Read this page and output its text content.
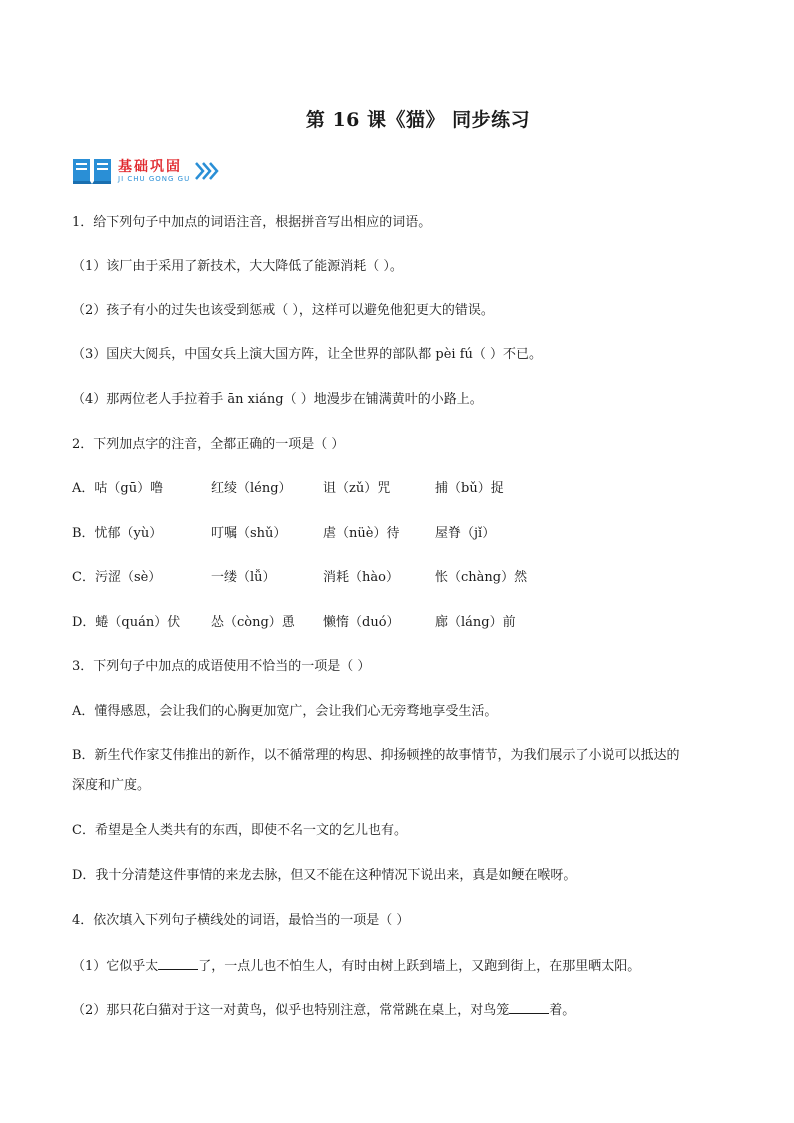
第 16 课《猫》 同步练习
基础巩固
JI CHU GONG GU
1．给下列句子中加点的词语注音，根据拼音写出相应的词语。
（1）该厂由于采用了新技术，大大降低了能源消耗（ ）。
（2）孩子有小的过失也该受到惩戒（ ），这样可以避免他犯更大的错误。
（3）国庆大阅兵，中国女兵上演大国方阵，让全世界的部队都 pèi fú（ ）不已。
（4）那两位老人手拉着手 ān xiáng（ ）地漫步在铺满黄叶的小路上。
2．下列加点字的注音，全都正确的一项是（ ）
A．咕（gū）噜	红绫（léng） 诅（zǔ）咒	捕（bǔ）捉
B．忧郁（yù）	叮嘱（shǔ）	虐（nüè）待	屋脊（jǐ）
C．污涩（sè）	一缕（lǚ）	消耗（hào）	怅（chàng）然
D．蜷（quán）伏 怂（còng）恿 懒惰（duó）	廊（láng）前
3．下列句子中加点的成语使用不恰当的一项是（ ）
A．懂得感恩，会让我们的心胸更加宽广，会让我们心无旁骛地享受生活。
B．新生代作家艾伟推出的新作，以不循常理的构思、抑扬顿挫的故事情节，为我们展示了小说可以抵达的
深度和广度。
C．希望是全人类共有的东西，即使不名一文的乞儿也有。
D．我十分清楚这件事情的来龙去脉，但又不能在这种情况下说出来，真是如鲠在喉呀。
4．依次填入下列句子横线处的词语，最恰当的一项是（ ）
（1）它似乎太	了，一点儿也不怕生人，有时由树上跃到墙上，又跑到街上，在那里晒太阳。
（2）那只花白猫对于这一对黄鸟，似乎也特别注意，常常跳在桌上，对鸟笼	着。
